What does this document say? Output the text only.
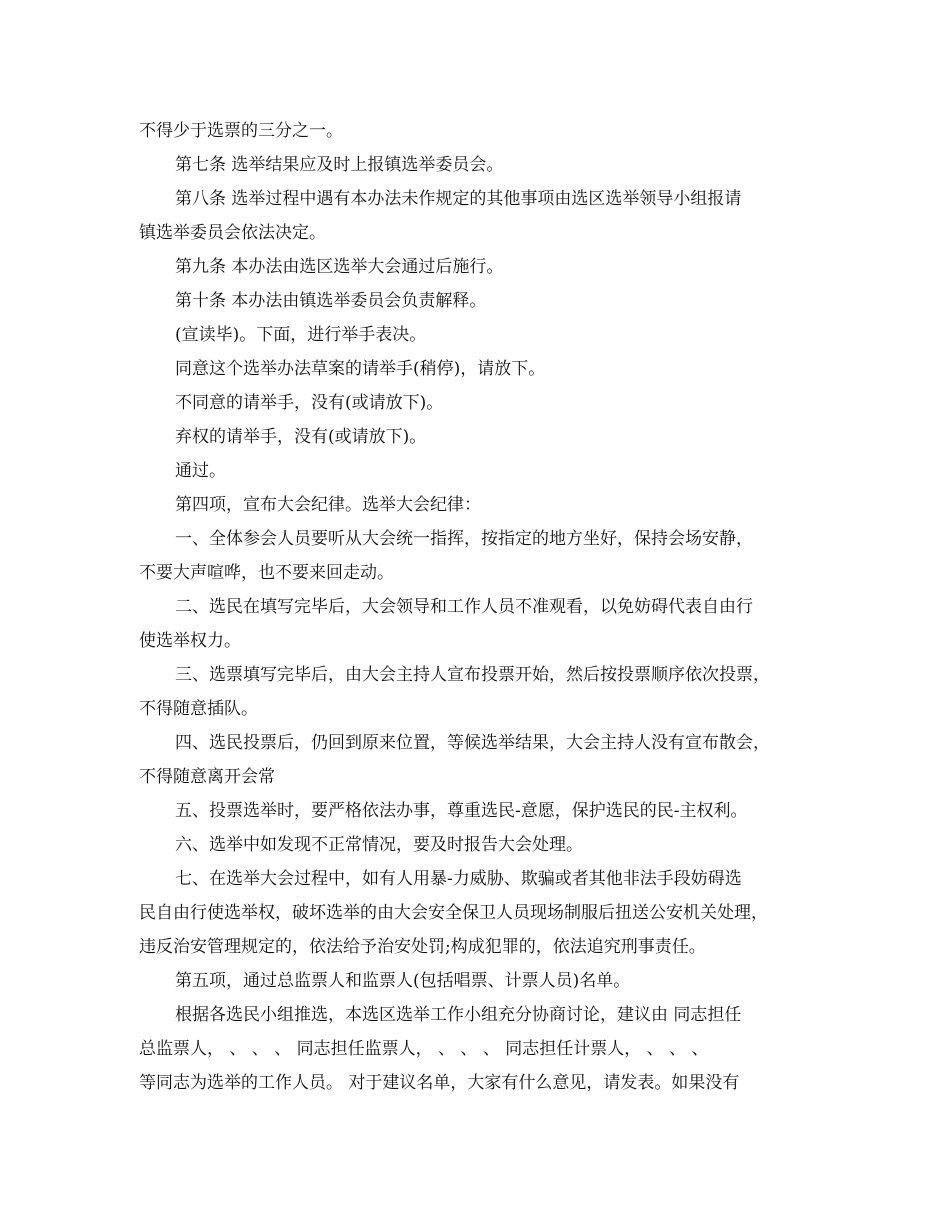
不得少于选票的三分之一。
第七条 选举结果应及时上报镇选举委员会。
第八条 选举过程中遇有本办法未作规定的其他事项由选区选举领导小组报请
镇选举委员会依法决定。
第九条 本办法由选区选举大会通过后施行。
第十条 本办法由镇选举委员会负责解释。
(宣读毕)。下面，进行举手表决。
同意这个选举办法草案的请举手(稍停)，请放下。
不同意的请举手，没有(或请放下)。
弃权的请举手，没有(或请放下)。
通过。
第四项，宣布大会纪律。选举大会纪律：
一、全体参会人员要听从大会统一指挥，按指定的地方坐好，保持会场安静，
不要大声喧哗，也不要来回走动。
二、选民在填写完毕后，大会领导和工作人员不准观看，以免妨碍代表自由行
使选举权力。
三、选票填写完毕后，由大会主持人宣布投票开始，然后按投票顺序依次投票，
不得随意插队。
四、选民投票后，仍回到原来位置，等候选举结果，大会主持人没有宣布散会，
不得随意离开会常
五、投票选举时，要严格依法办事，尊重选民-意愿，保护选民的民-主权利。
六、选举中如发现不正常情况，要及时报告大会处理。
七、在选举大会过程中，如有人用暴-力威胁、欺骗或者其他非法手段妨碍选
民自由行使选举权，破坏选举的由大会安全保卫人员现场制服后扭送公安机关处理，
违反治安管理规定的，依法给予治安处罚;构成犯罪的，依法追究刑事责任。
第五项，通过总监票人和监票人(包括唱票、计票人员)名单。
根据各选民小组推选，本选区选举工作小组充分协商讨论，建议由 同志担任
总监票人， 、 、 、 同志担任监票人， 、 、 、 同志担任计票人， 、 、 、
等同志为选举的工作人员。 对于建议名单，大家有什么意见，请发表。如果没有
